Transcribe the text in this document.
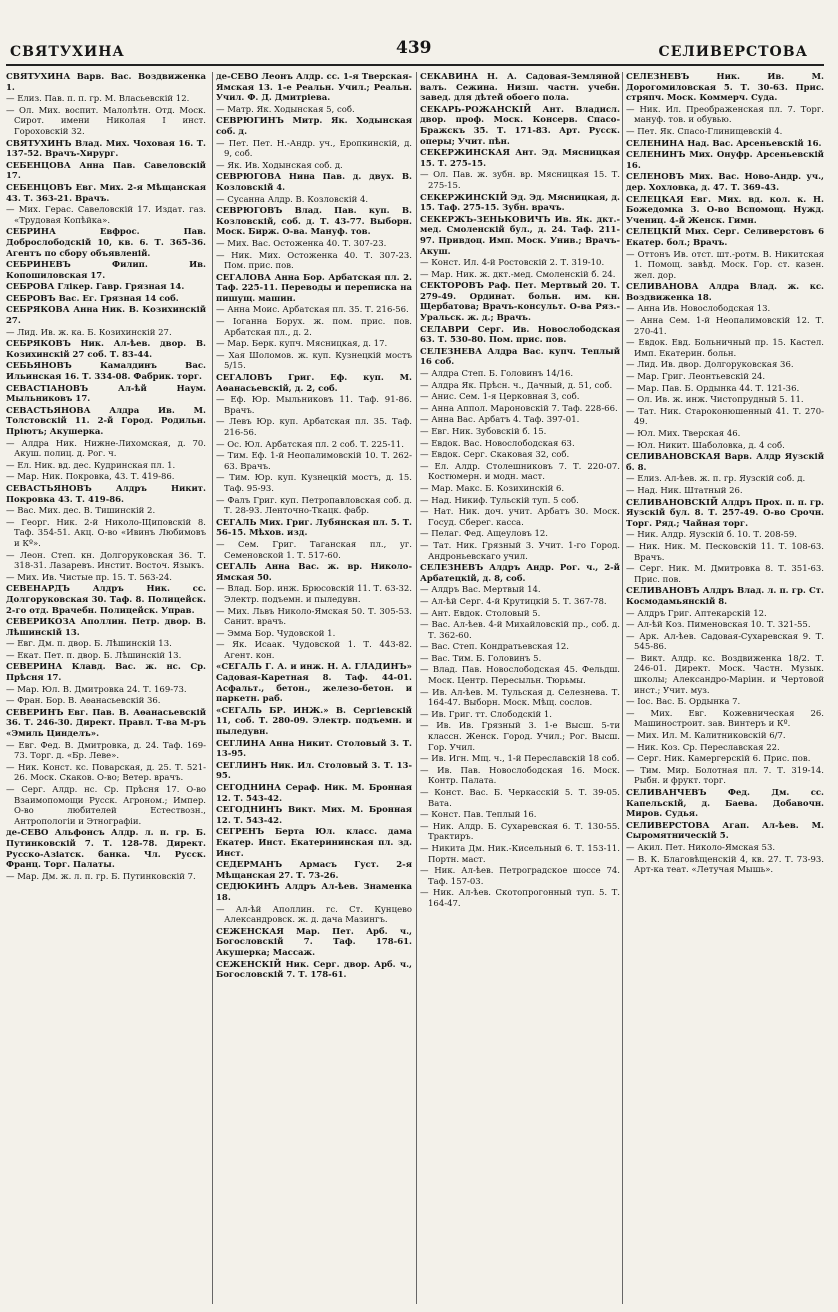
СВЯТУХИНА	439	СЕЛИВЕРСТОВА
СВЯТУХИНА Варв. Вас. Воздвиженка 1.
— Елиз. Пав. п. п. гр. М. Власьевскій 12.
— Ол. Мих. воспит. Малолѣтн. Отд. Моск. Сирот. имени Николая I инст. Гороховскій 32.
СВЯТУХИНЪ Влад. Мих. Чоховая 16. Т. 137-52. Врачъ-Хирург.
СЕБЕНЦОВА Анна Пав. Савеловскій 17.
СЕБЕНЦОВЪ Евг. Мих. 2-я Мѣщанская 43. Т. 363-21. Врачъ.
— Мих. Герас. Савеловскій 17. Издат. газ. «Трудовая Копѣйка».
СЕБРИНА Евфрос. Пав. Доброслободскій 10, кв. 6. Т. 365-36. Агентъ по сбору объявленій.
СЕБРИНЕВЪ Филип. Ив. Копошиловская 17.
СЕБРОВА Глікер. Гавр. Грязная 14.
СЕБРОВЪ Вас. Ег. Грязная 14 соб.
СЕБРЯКОВА Анна Ник. В. Козихинскій 27.
— Лид. Ив. ж. ка. Б. Козихинскій 27.
СЕБРЯКОВЪ Ник. Ал-ѣев. двор. В. Козихинскій 27 соб. Т. 83-44.
СЕБЬЯНОВЪ Камалдинъ Вас. Ильинская 16. Т. 334-08. Фабрик. торг.
СЕВАСТІАНОВЪ Ал-ѣй Наум. Мыльниковъ 17.
СЕВАСТЬЯНОВА Алдра Ив. М. Толстовскій 11. 2-й Город. Родильн. Пріютъ; Акушерка.
— Алдра Ник. Нижне-Лихомская, д. 70. Акуш. полиц. д. Рог. ч.
— Ел. Ник. вд. дес. Кудринская пл. 1.
— Мар. Ник. Покровка, 43. Т. 419-86.
СЕВАСТЬЯНОВЪ Алдръ Никит. Покровка 43. Т. 419-86.
— Вас. Мих. дес. В. Тишинскій 2.
— Георг. Ник. 2-й Николо-Щиповскій 8. Таф. 354-51. Акц. О-во «Ивинъ Любимовъ и Кº».
— Леон. Степ. кн. Долгоруковская 36. Т. 318-31. Лазаревъ. Инстит. Восточ. Языкъ.
— Мих. Ив. Чистые пр. 15. Т. 563-24.
СЕВЕНАРДЪ Алдръ Ник. сс. Долгоруковская 30. Таф. 8. Полицейск. 2-го отд. Врачебн. Полицейск. Управ.
СЕВЕРИКОЗА Аполлин. Петр. двор. В. Лѣшинскій 13.
— Евг. Дм. п. двор. Б. Лѣшинскій 13.
— Екат. Пет. п. двор. Б. Лѣшинскій 13.
СЕВЕРИНА Клавд. Вас. ж. нс. Ср. Прѣсня 17.
— Мар. Юл. В. Дмитровка 24. Т. 169-73.
— Фран. Бор. В. Аѳанасьевскій 36.
СЕВЕРИНЪ Евг. Пав. В. Аѳанасьевскій 36. Т. 246-30. Директ. Правл. Т-ва М-ръ «Эмиль Цинделъ».
— Евг. Фед. В. Дмитровка, д. 24. Таф. 169-73. Торг. д. «Бр. Леве».
— Ник. Конст. кс. Поварская, д. 25. Т. 521-26. Моск. Скаков. О-во; Ветер. врачъ.
— Серг. Алдр. нс. Ср. Прѣсня 17. О-во Взаимопомощи Русск. Агроном.; Импер. О-во любителей Естествозн., Антропологіи и Этнографіи.
де-СЕВО Альфонсъ Алдр. л. п. гр. Б. Путинковскій 7. Т. 128-78. Директ. Русско-Азіатск. банка. Чл. Русск. Франц. Торг. Палаты.
— Мар. Дм. ж. л. п. гр. Б. Путинковскій 7.
де-СЕВО Леонъ Алдр. сс. 1-я Тверская-Ямская 13. 1-е Реальн. Учил.; Реальн. Учил. Ф. Д. Дмитріева.
— Матр. Як. Ходынская 5, соб.
СЕВРЮГИНЪ Митр. Як. Ходынская соб. д.
— Пет. Пет. Н.-Андр. уч., Еропкинскій, д. 9, соб.
— Як. Ив. Ходынская соб. д.
СЕВРЮГОВА Нина Пав. д. двух. В. Козловскій 4.
— Сусанна Алдр. В. Козловскій 4.
СЕВРЮГОВЪ Влад. Пав. куп. В. Козловскій, соб. д. Т. 43-77. Выборн. Моск. Бирж. О-ва. Мануф. тов.
— Мих. Вас. Остоженка 40. Т. 307-23.
— Ник. Мих. Остоженка 40. Т. 307-23. Пом. прис. пов.
СЕГАЛОВА Анна Бор. Арбатская пл. 2. Таф. 225-11. Переводы и переписка на пишущ. машин.
— Анна Моис. Арбатская пл. 35. Т. 216-56.
— Іоганна Борух. ж. пом. прис. пов. Арбатская пл., д. 2.
— Мар. Берк. купч. Мясницкая, д. 17.
— Хая Шоломов. ж. куп. Кузнецкій мостъ 5/15.
СЕГАЛОВЪ Григ. Еф. куп. М. Аѳанасьевскій, д. 2, соб.
— Еф. Юр. Мыльниковъ 11. Таф. 91-86. Врачъ.
— Левъ Юр. куп. Арбатская пл. 35. Таф. 216-56.
— Ос. Юл. Арбатская пл. 2 соб. Т. 225-11.
— Тим. Еф. 1-й Неопалимовскій 10. Т. 262-63. Врачъ.
— Тим. Юр. куп. Кузнецкій мостъ, д. 15. Таф. 95-93.
— Фалъ Григ. куп. Петропавловская соб. д. Т. 28-93. Ленточно-Ткацк. фабр.
СЕГАЛЬ Мих. Григ. Лубянская пл. 5. Т. 56-15. Мѣхов. изд.
— Сем. Григ. Таганская пл., уг. Семеновской 1. Т. 517-60.
СЕГАЛЬ Анна Вас. ж. вр. Николо-Ямская 50.
— Влад. Бор. инж. Брюсовскій 11. Т. 63-32. Электр. подъемн. и пыледувн.
— Мих. Львъ Николо-Ямская 50. Т. 305-53. Санит. врачъ.
— Эмма Бор. Чудовской 1.
— Як. Исаак. Чудовской 1. Т. 443-82. Агент. кон.
«СЕГАЛЬ Г. А. и инж. Н. А. ГЛАДИНЪ» Садовая-Каретная 8. Таф. 44-01. Асфальт., бетон., железо-бетон. и паркетн. раб.
«СЕГАЛЬ БР. ИНЖ.» В. Сергіевскій 11, соб. Т. 280-09. Электр. подъемн. и пыледувн.
СЕГЛИНА Анна Никит. Столовый 3. Т. 13-95.
СЕГЛИНЪ Ник. Ил. Столовый 3. Т. 13-95.
СЕГОДНИНА Сераф. Ник. М. Бронная 12. Т. 543-42.
СЕГОДНИНЪ Викт. Мих. М. Бронная 12. Т. 543-42.
СЕГРЕНЪ Берта Юл. класс. дама Екатер. Инст. Екатерининская пл. зд. Инст.
СЕДЕРМАНЪ Армасъ Густ. 2-я Мѣщанская 27. Т. 73-26.
СЕДЮКИНЪ Алдръ Ал-ѣев. Знаменка 18.
— Ал-ѣй Аполлин. гс. Ст. Кунцево Александровск. ж. д. дача Мазингъ.
СЕЖЕНСКАЯ Мар. Пет. Арб. ч., Богословскій 7. Таф. 178-61. Акушерка; Массаж.
СЕЖЕНСКІЙ Ник. Серг. двор. Арб. ч., Богословскій 7. Т. 178-61.
СЕКАВИНА Н. А. Садовая-Земляной валъ. Сежина. Низш. частн. учебн. завед. для дѣтей обоего пола.
СЕКАРЬ-РОЖАНСКІЙ Ант. Владисл. двор. проф. Моск. Консерв. Спасо-Бражскъ 35. Т. 171-83. Арт. Русск. оперы; Учит. пѣн.
СЕКЕРЖИНСКАЯ Ант. Эд. Мясницкая 15. Т. 275-15.
— Ол. Пав. ж. зубн. вр. Мясницкая 15. Т. 275-15.
СЕКЕРЖИНСКІЙ Эд. Эд. Мясницкая, д. 15. Таф. 275-15. Зубн. врачъ.
СЕКЕРЖЪ-ЗЕНЬКОВИЧЪ Ив. Як. дкт.-мед. Смоленскій бул., д. 24. Таф. 211-97. Привдоц. Имп. Моск. Унив.; Врачъ-Акуш.
— Конст. Ил. 4-й Ростовскій 2. Т. 319-10.
— Мар. Ник. ж. дкт.-мед. Смоленскій б. 24.
СЕКТОРОВЪ Раф. Пет. Мертвый 20. Т. 279-49. Ординат. больн. им. кн. Щербатова; Врачъ-консульт. О-ва Ряз.-Уральск. ж. д.; Врачъ.
СЕЛАВРИ Серг. Ив. Новослободская 63. Т. 530-80. Пом. прис. пов.
СЕЛЕЗНЕВА Алдра Вас. купч. Теплый 16 соб.
— Алдра Степ. Б. Головинъ 14/16.
— Алдра Як. Прѣсн. ч., Дачный, д. 51, соб.
— Анис. Сем. 1-я Церковная 3, соб.
— Анна Аппол. Мароновскій 7. Таф. 228-66.
— Анна Вас. Арбатъ 4. Таф. 397-01.
— Евг. Ник. Зубовскій б. 15.
— Евдок. Вас. Новослободская 63.
— Евдок. Серг. Скаковая 32, соб.
— Ел. Алдр. Столешниковъ 7. Т. 220-07. Костюмерн. и модн. маст.
— Мар. Макс. Б. Козихинскій 6.
— Над. Никиф. Тульскій туп. 5 соб.
— Нат. Ник. доч. учит. Арбатъ 30. Моск. Госуд. Сберег. касса.
— Пелаг. Фед. Ащеуловъ 12.
— Тат. Ник. Грязный 3. Учит. 1-го Город. Андроньевскаго учил.
СЕЛЕЗНЕВЪ Алдръ Андр. Рог. ч., 2-й Арбатецкій, д. 8, соб.
— Алдръ Вас. Мертвый 14.
— Ал-ѣй Серг. 4-й Крутицкій 5. Т. 367-78.
— Ант. Евдок. Столовый 5.
— Вас. Ал-ѣев. 4-й Михайловскій пр., соб. д. Т. 362-60.
— Вас. Степ. Кондратьевская 12.
— Вас. Тим. Б. Головинъ 5.
— Влад. Пав. Новослободская 45. Фельдш. Моск. Центр. Пересыльн. Тюрьмы.
— Ив. Ал-ѣев. М. Тульская д. Селезнева. Т. 164-47. Выборн. Моск. Мѣщ. сослов.
— Ив. Григ. тт. Слободскій 1.
— Ив. Ив. Грязный 3. 1-е Высш. 5-ти классн. Женск. Город. Учил.; Рог. Высш. Гор. Учил.
— Ив. Игн. Мщ. ч., 1-й Переславскій 18 соб.
— Ив. Пав. Новослободская 16. Моск. Контр. Палата.
— Конст. Вас. Б. Черкасскій 5. Т. 39-05. Вата.
— Конст. Пав. Теплый 16.
— Ник. Алдр. Б. Сухаревская 6. Т. 130-55. Трактиръ.
— Никита Дм. Ник.-Кисельный 6. Т. 153-11. Портн. маст.
— Ник. Ал-ѣев. Петроградское шоссе 74. Таф. 157-03.
— Ник. Ал-ѣев. Скотопрогонный туп. 5. Т. 164-47.
СЕЛЕЗНЕВЪ Ник. Ив. М. Дорогомиловская 5. Т. 30-63. Прис. стряпч. Моск. Коммерч. Суда.
— Ник. Ил. Преображенская пл. 7. Торг. мануф. тов. и обувью.
— Пет. Як. Спасо-Глинищевскій 4.
СЕЛЕНИНА Над. Вас. Арсеньевскій 16.
СЕЛЕНИНЪ Мих. Онуфр. Арсеньевскій 16.
СЕЛЕНОВЪ Мих. Вас. Ново-Андр. уч., дер. Хохловка, д. 47. Т. 369-43.
СЕЛЕЦКАЯ Евг. Мих. вд. кол. к. Н. Божедомка 3. О-во Вспомощ. Нужд. Учениц. 4-й Женск. Гимн.
СЕЛЕЦКІЙ Мих. Серг. Селиверстовъ 6 Екатер. бол.; Врачъ.
— Оттонъ Ив. отст. шт.-ротм. В. Никитская 1. Помощ. завѣд. Моск. Гор. ст. казен. жел. дор.
СЕЛИВАНОВА Алдра Влад. ж. кс. Воздвиженка 18.
— Анна Ив. Новослободская 13.
— Анна Сем. 1-й Неопалимовскій 12. Т. 270-41.
— Евдок. Евд. Больничный пр. 15. Кастел. Имп. Екатерин. больн.
— Лид. Ив. двор. Долгоруковская 36.
— Мар. Григ. Леонтьевскій 24.
— Мар. Пав. Б. Ордынка 44. Т. 121-36.
— Ол. Ив. ж. инж. Чистопрудный 5. 11.
— Тат. Ник. Староконюшенный 41. Т. 270-49.
— Юл. Мих. Тверская 46.
— Юл. Никит. Шаболовка, д. 4 соб.
СЕЛИВАНОВСКАЯ Варв. Алдр Яузскій б. 8.
— Елиз. Ал-ѣев. ж. п. гр. Яузскій соб. д.
— Над. Ник. Штатный 26.
СЕЛИВАНОВСКІЙ Алдръ Прох. п. п. гр. Яузскій бул. 8. Т. 257-49. О-во Срочн. Торг. Ряд.; Чайная торг.
— Ник. Алдр. Яузскій б. 10. Т. 208-59.
— Ник. Ник. М. Песковскій 11. Т. 108-63. Врачъ.
— Серг. Ник. М. Дмитровка 8. Т. 351-63. Прис. пов.
СЕЛИВАНОВЪ Алдръ Влад. л. п. гр. Ст. Космодамьянскій 8.
— Алдръ Григ. Аптекарскій 12.
— Ал-ѣй Коз. Пименовская 10. Т. 321-55.
— Арк. Ал-ѣев. Садовая-Сухаревская 9. Т. 545-86.
— Викт. Алдр. кс. Воздвиженка 18/2. Т. 246-01. Директ. Моск. Частн. Музык. школы; Александро-Маріин. и Чертовой инст.; Учит. муз.
— Іос. Вас. Б. Ордынка 7.
— Мих. Евг. Кожевническая 26. Машиностроит. зав. Винтеръ и Кº.
— Мих. Ил. М. Калитниковскій 6/7.
— Ник. Коз. Ср. Переславская 22.
— Серг. Ник. Камергерскій 6. Прис. пов.
— Тим. Мир. Болотная пл. 7. Т. 319-14. Рыбн. и фрукт. торг.
СЕЛИВАНЧЕВЪ Фед. Дм. сс. Капельскій, д. Баева. Добавочн. Миров. Судья.
СЕЛИВЕРСТОВА Агап. Ал-ѣев. М. Сыромятническій 5.
— Акил. Пет. Николо-Ямская 53.
— В. К. Благовѣщенскій 4, кв. 27. Т. 73-93. Арт-ка теат. «Летучая Мышь».
